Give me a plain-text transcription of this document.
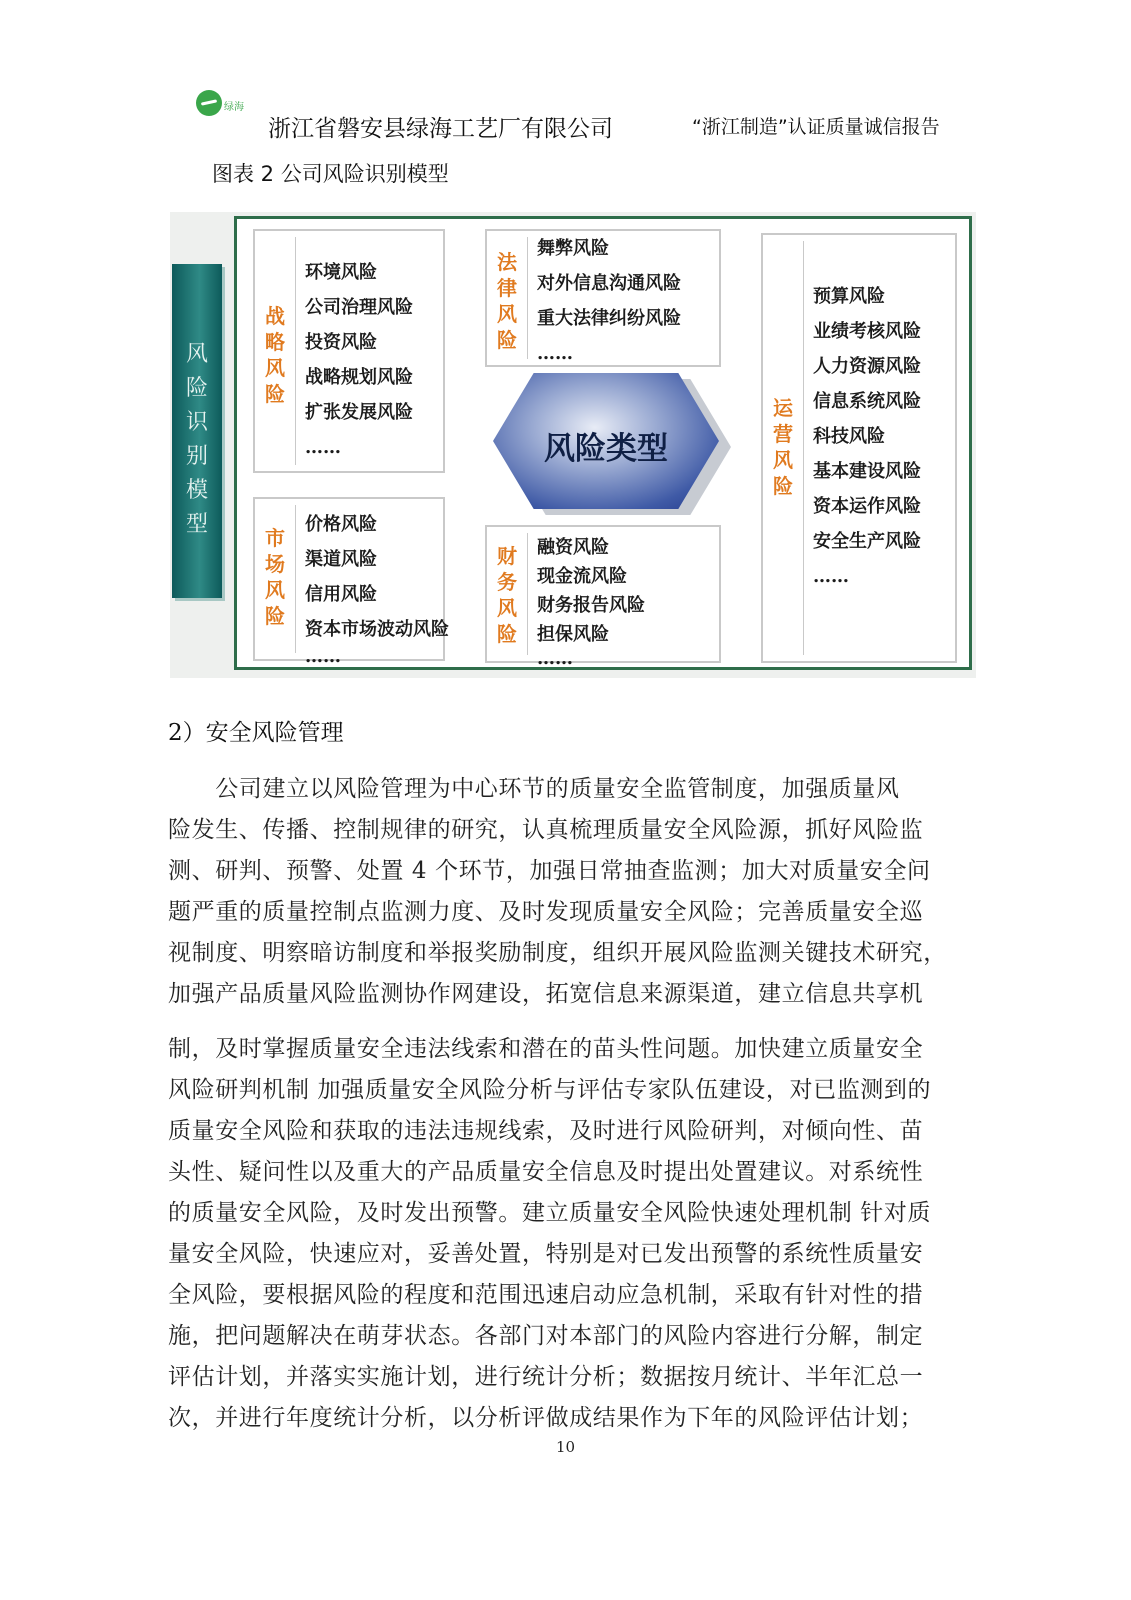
绿海
浙江省磐安县绿海工艺厂有限公司	“浙江制造”认证质量诚信报告
图表 2 公司风险识别模型
风
险
识
别
模
型
战
略
风
险
环境风险
公司治理风险
投资风险
战略规划风险
扩张发展风险
……
法
律
风
险
舞弊风险
对外信息沟通风险
重大法律纠纷风险
……
风险类型
运
营
风
险
预算风险
业绩考核风险
人力资源风险
信息系统风险
科技风险
基本建设风险
资本运作风险
安全生产风险
……
市
场
风
险
价格风险
渠道风险
信用风险
资本市场波动风险
……
财
务
风
险
融资风险
现金流风险
财务报告风险
担保风险
……
2）安全风险管理
　　公司建立以风险管理为中心环节的质量安全监管制度，加强质量风
险发生、传播、控制规律的研究，认真梳理质量安全风险源，抓好风险监
测、研判、预警、处置 4 个环节，加强日常抽查监测；加大对质量安全问
题严重的质量控制点监测力度、及时发现质量安全风险；完善质量安全巡
视制度、明察暗访制度和举报奖励制度，组织开展风险监测关键技术研究，
加强产品质量风险监测协作网建设，拓宽信息来源渠道，建立信息共享机
制，及时掌握质量安全违法线索和潜在的苗头性问题。加快建立质量安全
风险研判机制 加强质量安全风险分析与评估专家队伍建设，对已监测到的
质量安全风险和获取的违法违规线索，及时进行风险研判，对倾向性、苗
头性、疑问性以及重大的产品质量安全信息及时提出处置建议。对系统性
的质量安全风险，及时发出预警。建立质量安全风险快速处理机制 针对质
量安全风险，快速应对，妥善处置，特别是对已发出预警的系统性质量安
全风险，要根据风险的程度和范围迅速启动应急机制，采取有针对性的措
施，把问题解决在萌芽状态。各部门对本部门的风险内容进行分解，制定
评估计划，并落实实施计划，进行统计分析；数据按月统计、半年汇总一
次，并进行年度统计分析，以分析评做成结果作为下年的风险评估计划；
10
